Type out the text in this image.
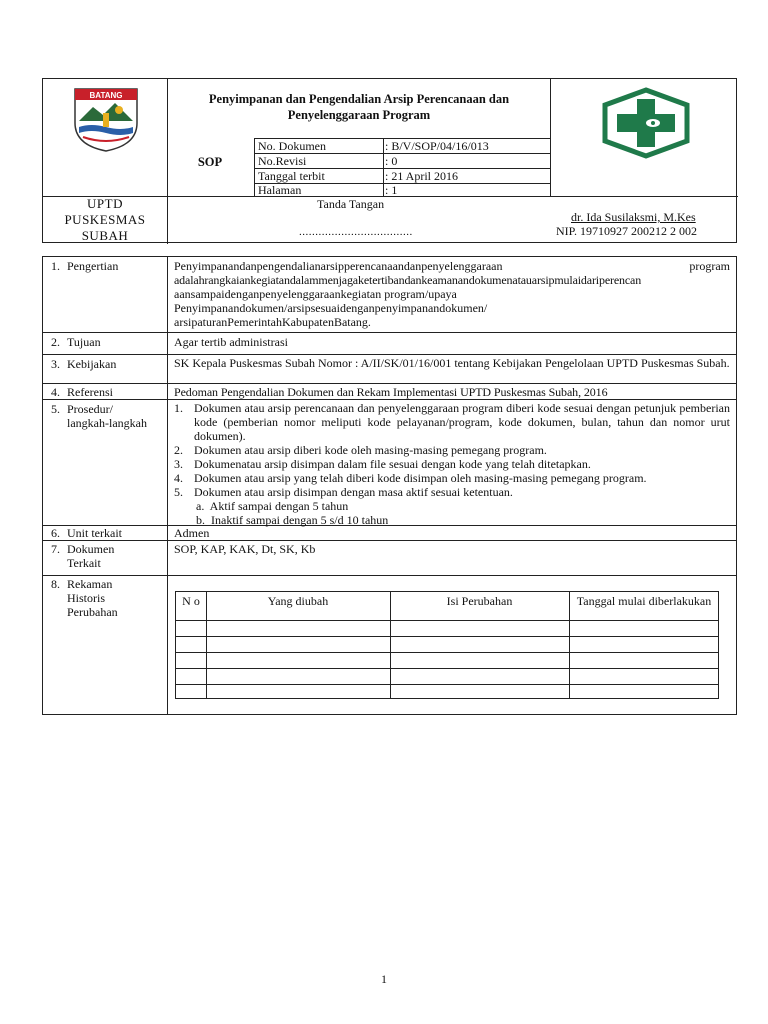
BATANG	Penyimpanan dan Pengendalian Arsip Perencanaan dan Penyelenggaraan Program
SOP
No. Dokumen	: B/V/SOP/04/16/013
No.Revisi	: 0
Tanggal terbit	: 21 April 2016
Halaman	: 1
UPTD
PUSKESMAS
SUBAH
Tanda Tangan
...................................
dr. Ida Susilaksmi, M.Kes
NIP. 19710927 200212 2 002
1. Pengertian	Penyimpanandanpengendalianarsipperencanaandanpenyelenggaraan program
adalahrangkaiankegiatandalammenjagaketertibandankeamanandokumenatauarsipmulaidariperencan
aansampaidenganpenyelenggaraankegiatan program/upaya
Penyimpanandokumen/arsipsesuaidenganpenyimpanandokumen/
arsipaturanPemerintahKabupatenBatang.
2. Tujuan	Agar tertib administrasi
3. Kebijakan	SK Kepala Puskesmas Subah Nomor : A/II/SK/01/16/001 tentang Kebijakan Pengelolaan UPTD Puskesmas Subah.
4. Referensi	Pedoman Pengendalian Dokumen dan Rekam Implementasi UPTD Puskesmas Subah, 2016
5. Prosedur/
langkah-langkah
1. Dokumen atau arsip perencanaan dan penyelenggaraan program diberi kode sesuai dengan petunjuk pemberian kode (pemberian nomor meliputi kode pelayanan/program, kode dokumen, bulan, tahun dan nomor urut dokumen).
2. Dokumen atau arsip diberi kode oleh masing-masing pemegang program.
3. Dokumenatau arsip disimpan dalam file sesuai dengan kode yang telah ditetapkan.
4. Dokumen atau arsip yang telah diberi kode disimpan oleh masing-masing pemegang program.
5. Dokumen atau arsip disimpan dengan masa aktif sesuai ketentuan.
a. Aktif sampai dengan 5 tahun
b. Inaktif sampai dengan 5 s/d 10 tahun
6. Unit terkait	Admen
7. Dokumen
Terkait
SOP, KAP, KAK, Dt, SK, Kb
8. Rekaman
Historis
Perubahan
N o	Yang diubah	Isi Perubahan	Tanggal mulai diberlakukan
1
